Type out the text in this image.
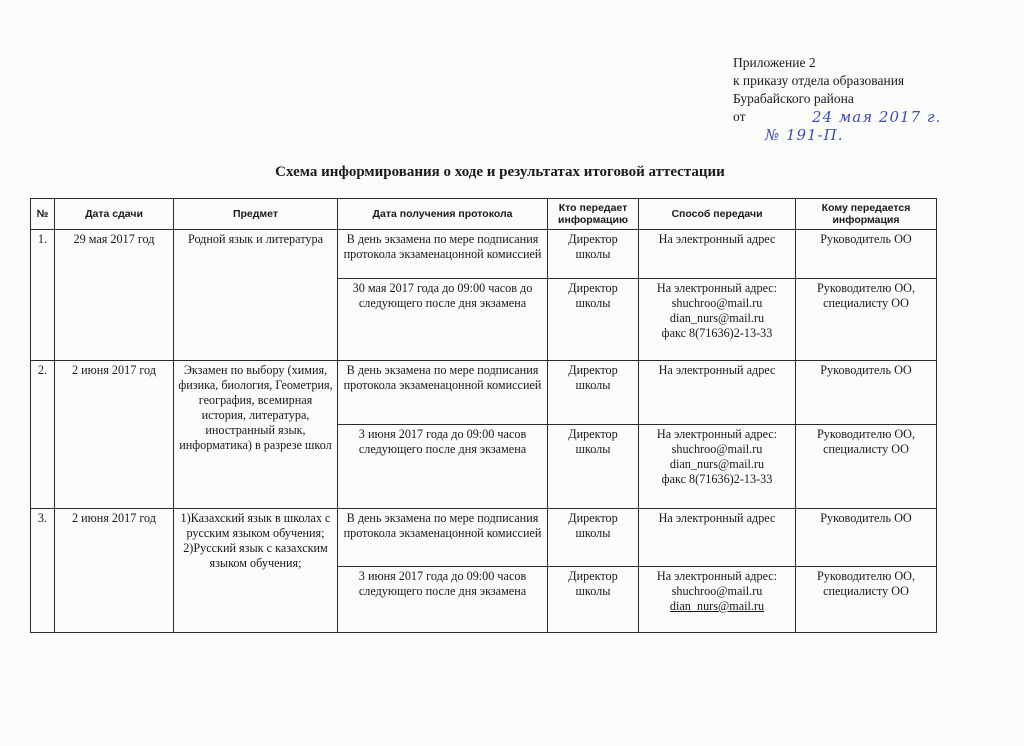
Приложение 2
к приказу отдела образования
Бурабайского района
от	24 мая 2017 г.
№ 191-П.
Схема информирования о ходе и результатах итоговой аттестации
№	Дата сдачи	Предмет	Дата получения протокола	Кто передает информацию	Способ передачи	Кому передается информация
1.	29 мая 2017 год	Родной язык и литература	В день экзамена по мере подписания протокола экзаменацонной комиссией	Директор школы	На электронный адрес	Руководитель ОО
			30 мая 2017 года до 09:00 часов до следующего после дня экзамена	Директор школы	На электронный адрес:
shuchroo@mail.ru
dian_nurs@mail.ru
факс 8(71636)2-13-33	Руководителю ОО, специалисту ОО
2.	2 июня 2017 год	Экзамен по выбору (химия, физика, биология, Геометрия, география, всемирная история, литература, иностранный язык, информатика) в разрезе школ	В день экзамена по мере подписания протокола экзаменацонной комиссией	Директор школы	На электронный адрес	Руководитель ОО
			3 июня 2017 года до 09:00 часов следующего после дня экзамена	Директор школы	На электронный адрес:
shuchroo@mail.ru
dian_nurs@mail.ru
факс 8(71636)2-13-33	Руководителю ОО, специалисту ОО
3.	2 июня 2017 год	1)Казахский язык в школах с русским языком обучения;
2)Русский язык с казахским языком обучения;	В день экзамена по мере подписания протокола экзаменацонной комиссией	Директор школы	На электронный адрес	Руководитель ОО
			3 июня 2017 года до 09:00 часов следующего после дня экзамена	Директор школы	На электронный адрес:
shuchroo@mail.ru
dian_nurs@mail.ru	Руководителю ОО, специалисту ОО
